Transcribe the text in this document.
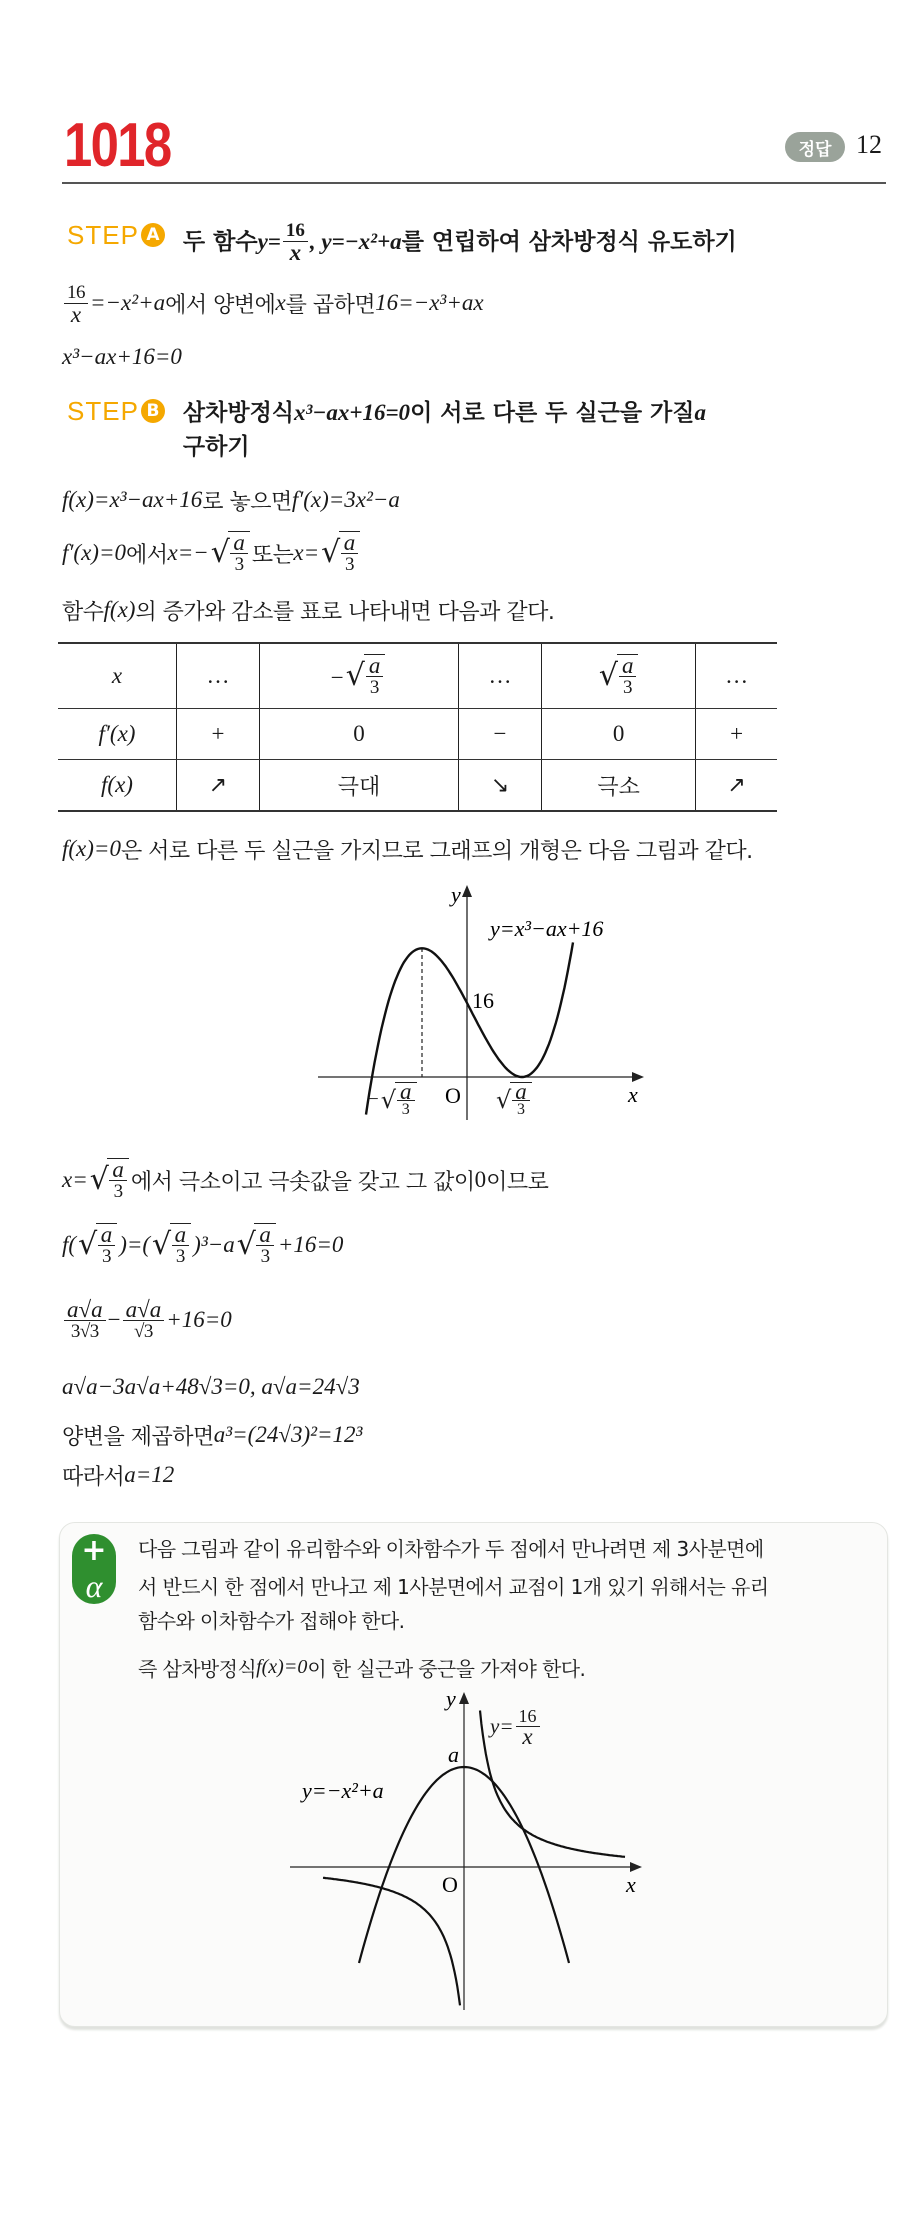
1018	정답 12
STEP A 두 함수 $y= \frac{16}{x}$ , y=−x²+a 를 연립하여 삼차방정식 유도하기
$\frac{16}{x} =-x^2+a$ 에서 양변에 x 를 곱하면 16=−x³+ax
x³−ax+16=0
STEP B 삼차방정식 x³−ax+16=0 이 서로 다른 두 실근을 가질 a
구하기
f(x)=x³−ax+16 로 놓으면 f′(x)=3x²−a
f′(x)=0 에서 x=− √ $\frac{a}{3}$ 또는 x= √ $\frac{a}{3}$
함수 f(x) 의 증가와 감소를 표로 나타내면 다음과 같다.
x	…	− √ $\frac{a}{3}$	…	√ $\frac{a}{3}$	…
f′(x)	+	0	−	0	+
f(x)	↗	극대	↘	극소	↗
f(x)=0 은 서로 다른 두 실근을 가지므로 그래프의 개형은 다음 그림과 같다.
y
x
O
16
y=x³−ax+16
− √ $\frac{a}{3}$	√ $\frac{a}{3}$
x= √ $\frac{a}{3}$ 에서 극소이고 극솟값을 갖고 그 값이 0 이므로
f( √ $\frac{a}{3}$ )=( √ $\frac{a}{3} )^3-a$ √ $\frac{a}{3} +16=0$
$\frac{a√a}{3√3} - \frac{a√a}{√3} +16=0$
a√a−3a√a+48√3=0, a√a=24√3
양변을 제곱하면 a³=(24√3)²=12³
따라서 a=12
+
α
다음 그림과 같이 유리함수와 이차함수가 두 점에서 만나려면 제 3사분면에
서 반드시 한 점에서 만나고 제 1사분면에서 교점이 1개 있기 위해서는 유리
함수와 이차함수가 접해야 한다.
즉 삼차방정식 f(x)=0 이 한 실근과 중근을 가져야 한다.
y
x
O
a
y=−x²+a
$y= \frac{16}{x}$
